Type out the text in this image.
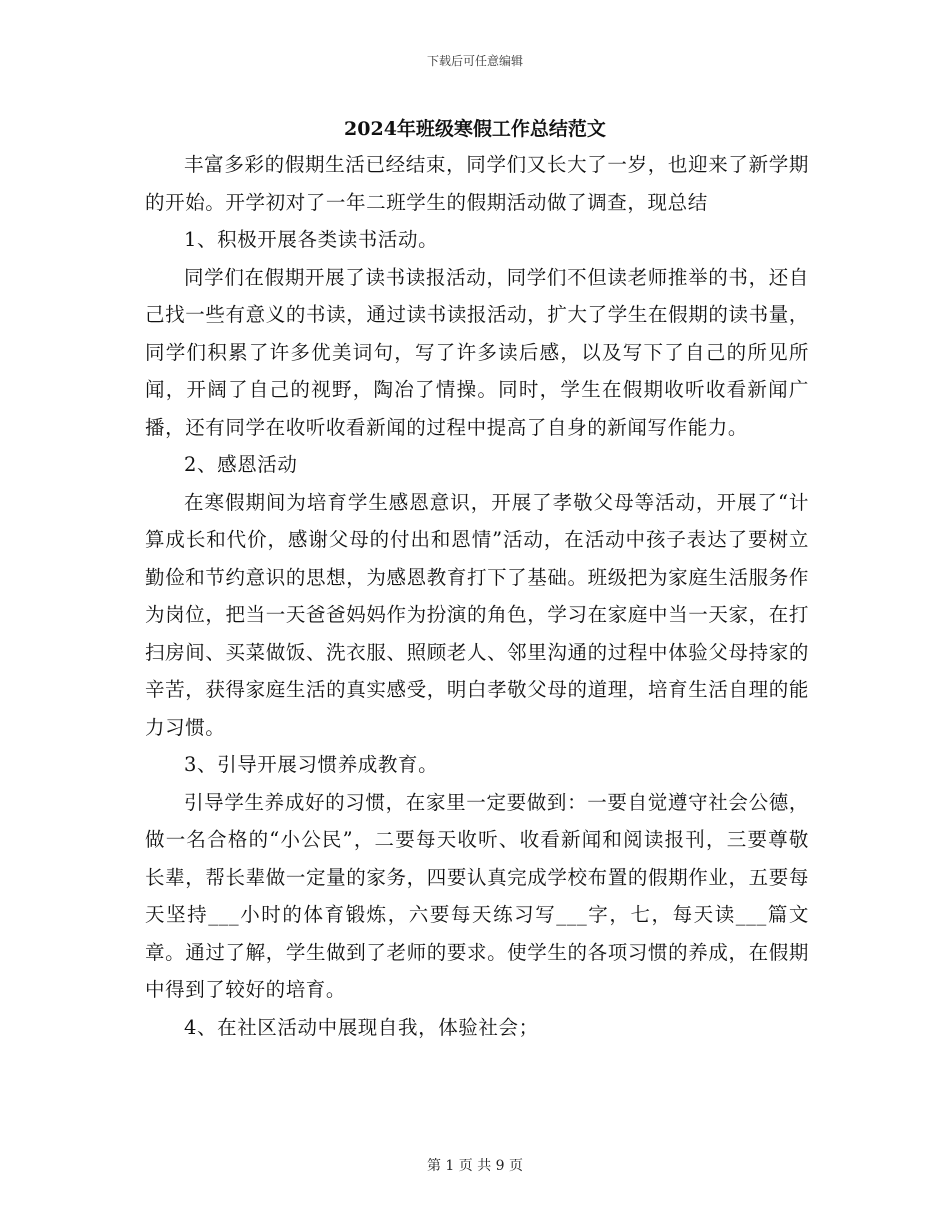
下载后可任意编辑
2024年班级寒假工作总结范文

丰富多彩的假期生活已经结束，同学们又长大了一岁，也迎来了新学期的开始。开学初对了一年二班学生的假期活动做了调查，现总结

1、积极开展各类读书活动。

同学们在假期开展了读书读报活动，同学们不但读老师推举的书，还自己找一些有意义的书读，通过读书读报活动，扩大了学生在假期的读书量，同学们积累了许多优美词句，写了许多读后感，以及写下了自己的所见所闻，开阔了自己的视野，陶冶了情操。同时，学生在假期收听收看新闻广播，还有同学在收听收看新闻的过程中提高了自身的新闻写作能力。

2、感恩活动

在寒假期间为培育学生感恩意识，开展了孝敬父母等活动，开展了“计算成长和代价，感谢父母的付出和恩情”活动，在活动中孩子表达了要树立勤俭和节约意识的思想，为感恩教育打下了基础。班级把为家庭生活服务作为岗位，把当一天爸爸妈妈作为扮演的角色，学习在家庭中当一天家，在打扫房间、买菜做饭、洗衣服、照顾老人、邻里沟通的过程中体验父母持家的辛苦，获得家庭生活的真实感受，明白孝敬父母的道理，培育生活自理的能力习惯。

3、引导开展习惯养成教育。

引导学生养成好的习惯，在家里一定要做到：一要自觉遵守社会公德，做一名合格的“小公民”，二要每天收听、收看新闻和阅读报刊，三要尊敬长辈，帮长辈做一定量的家务，四要认真完成学校布置的假期作业，五要每天坚持___小时的体育锻炼，六要每天练习写___字，七，每天读___篇文章。通过了解，学生做到了老师的要求。使学生的各项习惯的养成，在假期中得到了较好的培育。

4、在社区活动中展现自我，体验社会；

第 1 页 共 9 页
